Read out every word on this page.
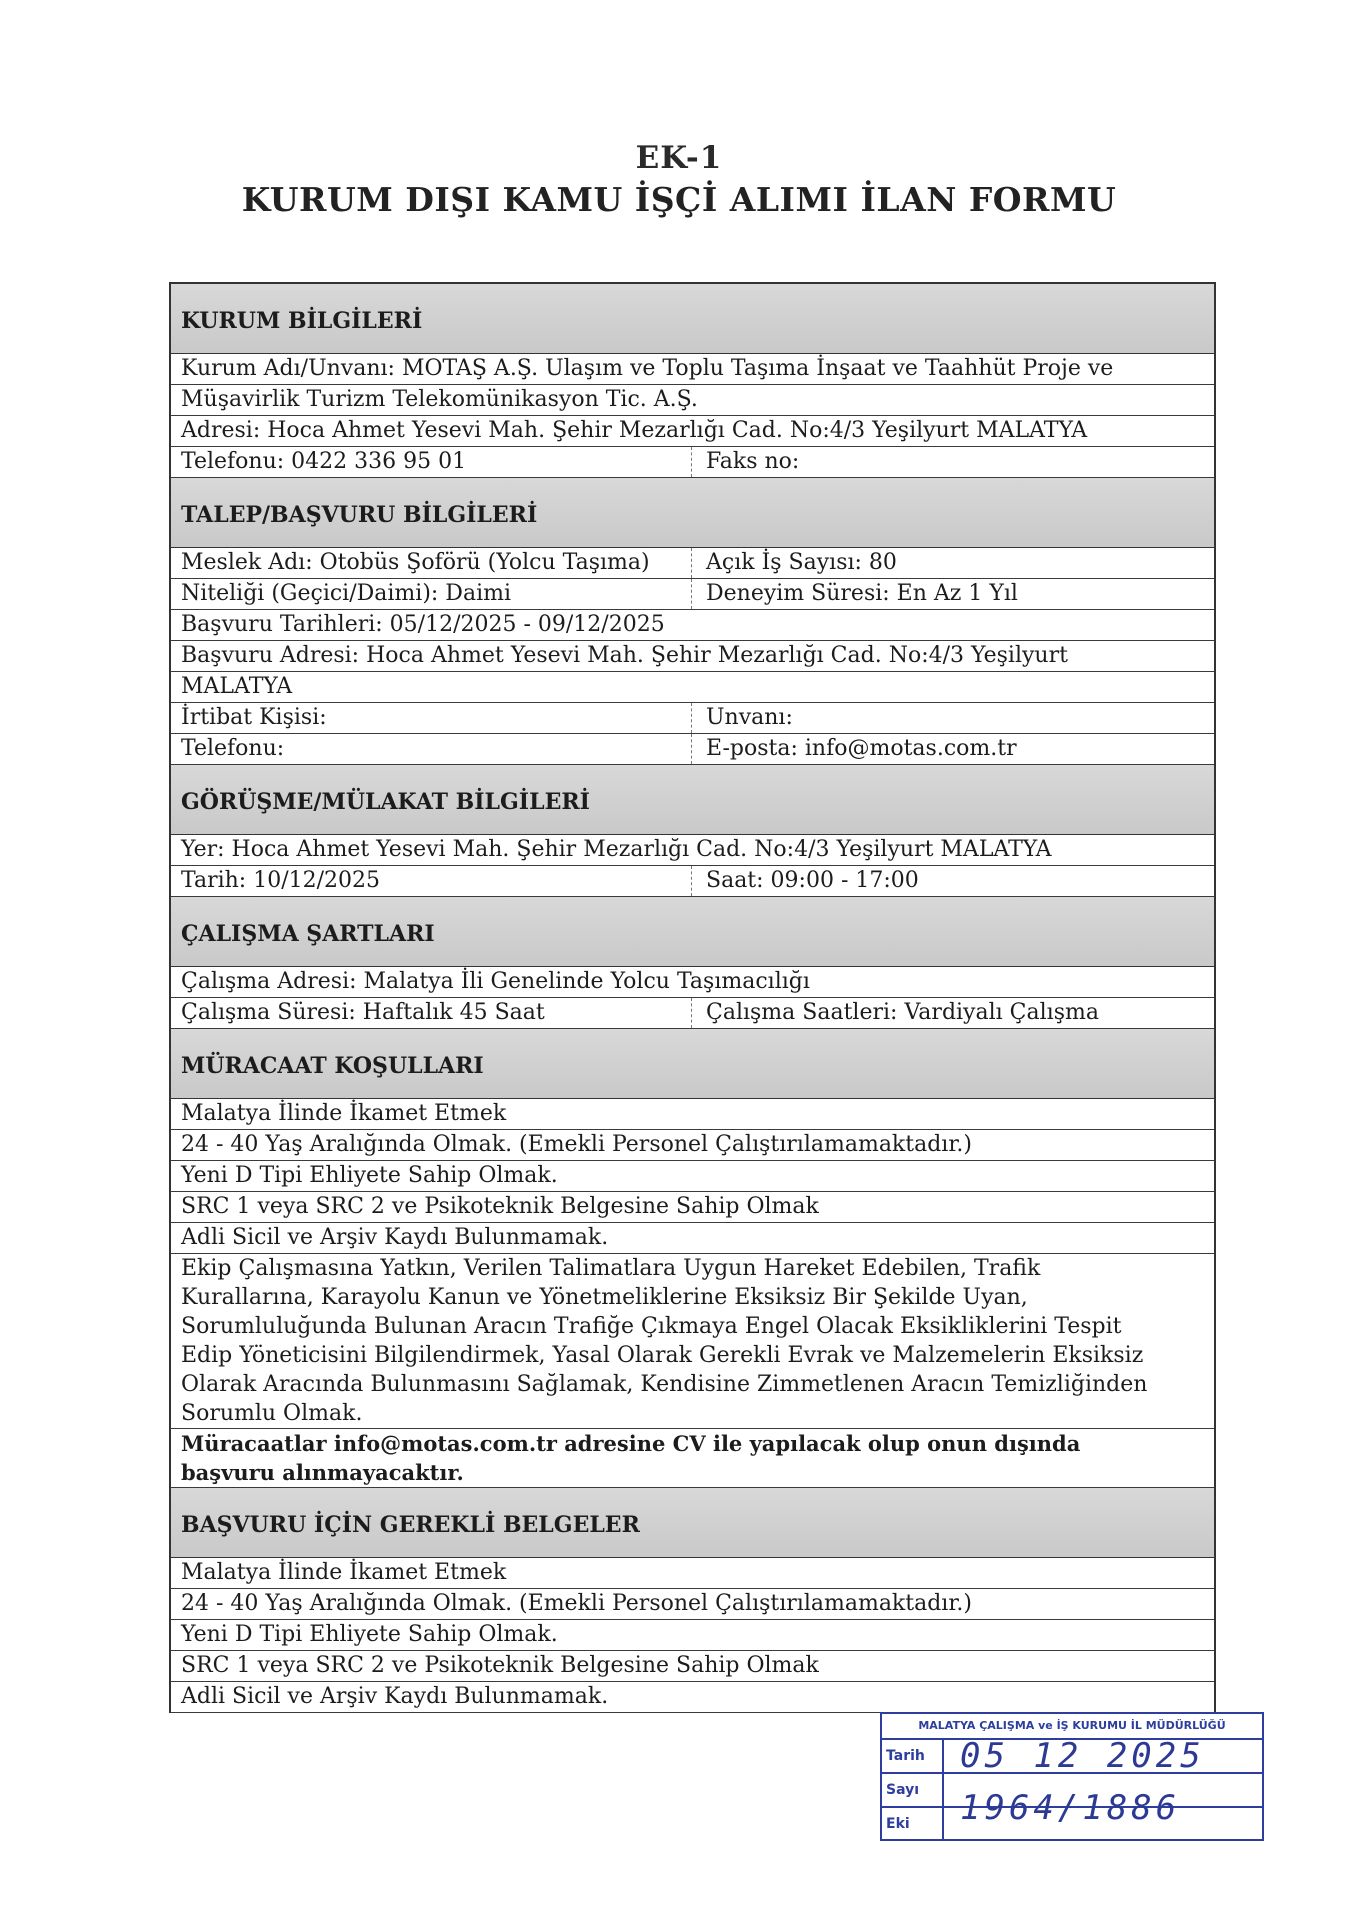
EK-1
KURUM DIŞI KAMU İŞÇİ ALIMI İLAN FORMU
KURUM BİLGİLERİ
Kurum Adı/Unvanı: MOTAŞ A.Ş. Ulaşım ve Toplu Taşıma İnşaat ve Taahhüt Proje ve
Müşavirlik Turizm Telekomünikasyon Tic. A.Ş.
Adresi: Hoca Ahmet Yesevi Mah. Şehir Mezarlığı Cad. No:4/3 Yeşilyurt MALATYA
Telefonu: 0422 336 95 01	Faks no:
TALEP/BAŞVURU BİLGİLERİ
Meslek Adı: Otobüs Şoförü (Yolcu Taşıma)	Açık İş Sayısı: 80
Niteliği (Geçici/Daimi): Daimi	Deneyim Süresi: En Az 1 Yıl
Başvuru Tarihleri: 05/12/2025 - 09/12/2025
Başvuru Adresi: Hoca Ahmet Yesevi Mah. Şehir Mezarlığı Cad. No:4/3 Yeşilyurt
MALATYA
İrtibat Kişisi:	Unvanı:
Telefonu:	E-posta: info@motas.com.tr
GÖRÜŞME/MÜLAKAT BİLGİLERİ
Yer: Hoca Ahmet Yesevi Mah. Şehir Mezarlığı Cad. No:4/3 Yeşilyurt MALATYA
Tarih: 10/12/2025	Saat: 09:00 - 17:00
ÇALIŞMA ŞARTLARI
Çalışma Adresi: Malatya İli Genelinde Yolcu Taşımacılığı
Çalışma Süresi: Haftalık 45 Saat	Çalışma Saatleri: Vardiyalı Çalışma
MÜRACAAT KOŞULLARI
Malatya İlinde İkamet Etmek
24 - 40 Yaş Aralığında Olmak. (Emekli Personel Çalıştırılamamaktadır.)
Yeni D Tipi Ehliyete Sahip Olmak.
SRC 1 veya SRC 2 ve Psikoteknik Belgesine Sahip Olmak
Adli Sicil ve Arşiv Kaydı Bulunmamak.
Ekip Çalışmasına Yatkın, Verilen Talimatlara Uygun Hareket Edebilen, Trafik
Kurallarına, Karayolu Kanun ve Yönetmeliklerine Eksiksiz Bir Şekilde Uyan,
Sorumluluğunda Bulunan Aracın Trafiğe Çıkmaya Engel Olacak Eksikliklerini Tespit
Edip Yöneticisini Bilgilendirmek, Yasal Olarak Gerekli Evrak ve Malzemelerin Eksiksiz
Olarak Aracında Bulunmasını Sağlamak, Kendisine Zimmetlenen Aracın Temizliğinden
Sorumlu Olmak.
Müracaatlar info@motas.com.tr adresine CV ile yapılacak olup onun dışında
başvuru alınmayacaktır.
BAŞVURU İÇİN GEREKLİ BELGELER
Malatya İlinde İkamet Etmek
24 - 40 Yaş Aralığında Olmak. (Emekli Personel Çalıştırılamamaktadır.)
Yeni D Tipi Ehliyete Sahip Olmak.
SRC 1 veya SRC 2 ve Psikoteknik Belgesine Sahip Olmak
Adli Sicil ve Arşiv Kaydı Bulunmamak.
MALATYA ÇALIŞMA ve İŞ KURUMU İL MÜDÜRLÜĞÜ
Tarih	05 12 2025
Sayı	1964/1886
Eki
